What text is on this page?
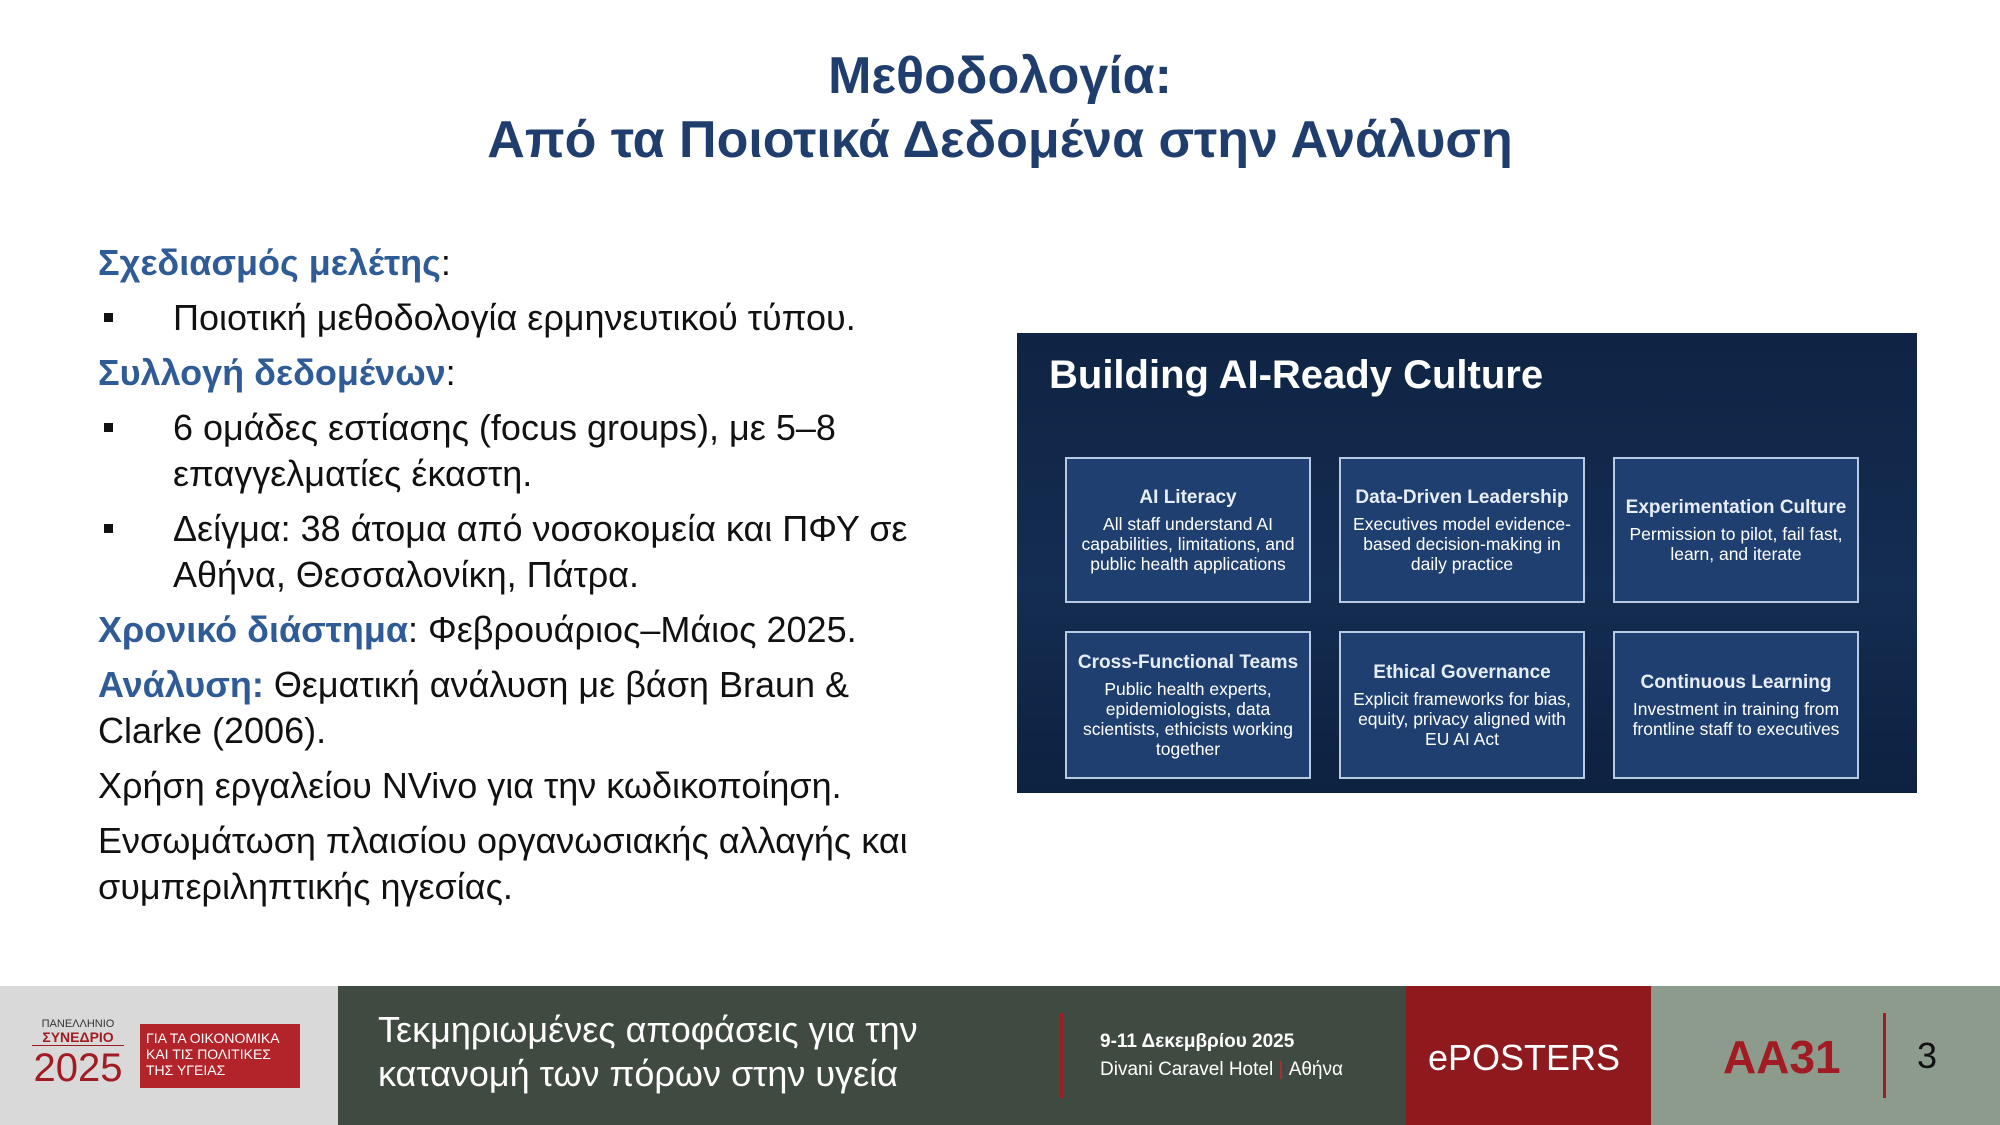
Μεθοδολογία:
Από τα Ποιοτικά Δεδομένα στην Ανάλυση
Σχεδιασμός μελέτης:
Ποιοτική μεθοδολογία ερμηνευτικού τύπου.
Συλλογή δεδομένων:
6 ομάδες εστίασης (focus groups), με 5–8 επαγγελματίες έκαστη.
Δείγμα: 38 άτομα από νοσοκομεία και ΠΦΥ σε Αθήνα, Θεσσαλονίκη, Πάτρα.
Χρονικό διάστημα: Φεβρουάριος–Μάιος 2025.
Ανάλυση: Θεματική ανάλυση με βάση Braun & Clarke (2006).
Χρήση εργαλείου NVivo για την κωδικοποίηση.
Ενσωμάτωση πλαισίου οργανωσιακής αλλαγής και συμπεριληπτικής ηγεσίας.
Building AI-Ready Culture
AI Literacy
All staff understand AI capabilities, limitations, and public health applications
Data-Driven Leadership
Executives model evidence-based decision-making in daily practice
Experimentation Culture
Permission to pilot, fail fast, learn, and iterate
Cross-Functional Teams
Public health experts, epidemiologists, data scientists, ethicists working together
Ethical Governance
Explicit frameworks for bias, equity, privacy aligned with EU AI Act
Continuous Learning
Investment in training from frontline staff to executives
ΠΑΝΕΛΛΗΝΙΟ
ΣΥΝΕΔΡΙΟ
2025
ΓΙΑ ΤΑ ΟΙΚΟΝΟΜΙΚΑ ΚΑΙ ΤΙΣ ΠΟΛΙΤΙΚΕΣ ΤΗΣ ΥΓΕΙΑΣ
Τεκμηριωμένες αποφάσεις για την κατανομή των πόρων στην υγεία
9-11 Δεκεμβρίου 2025
Divani Caravel Hotel | Αθήνα ePOSTERS AA31 3
